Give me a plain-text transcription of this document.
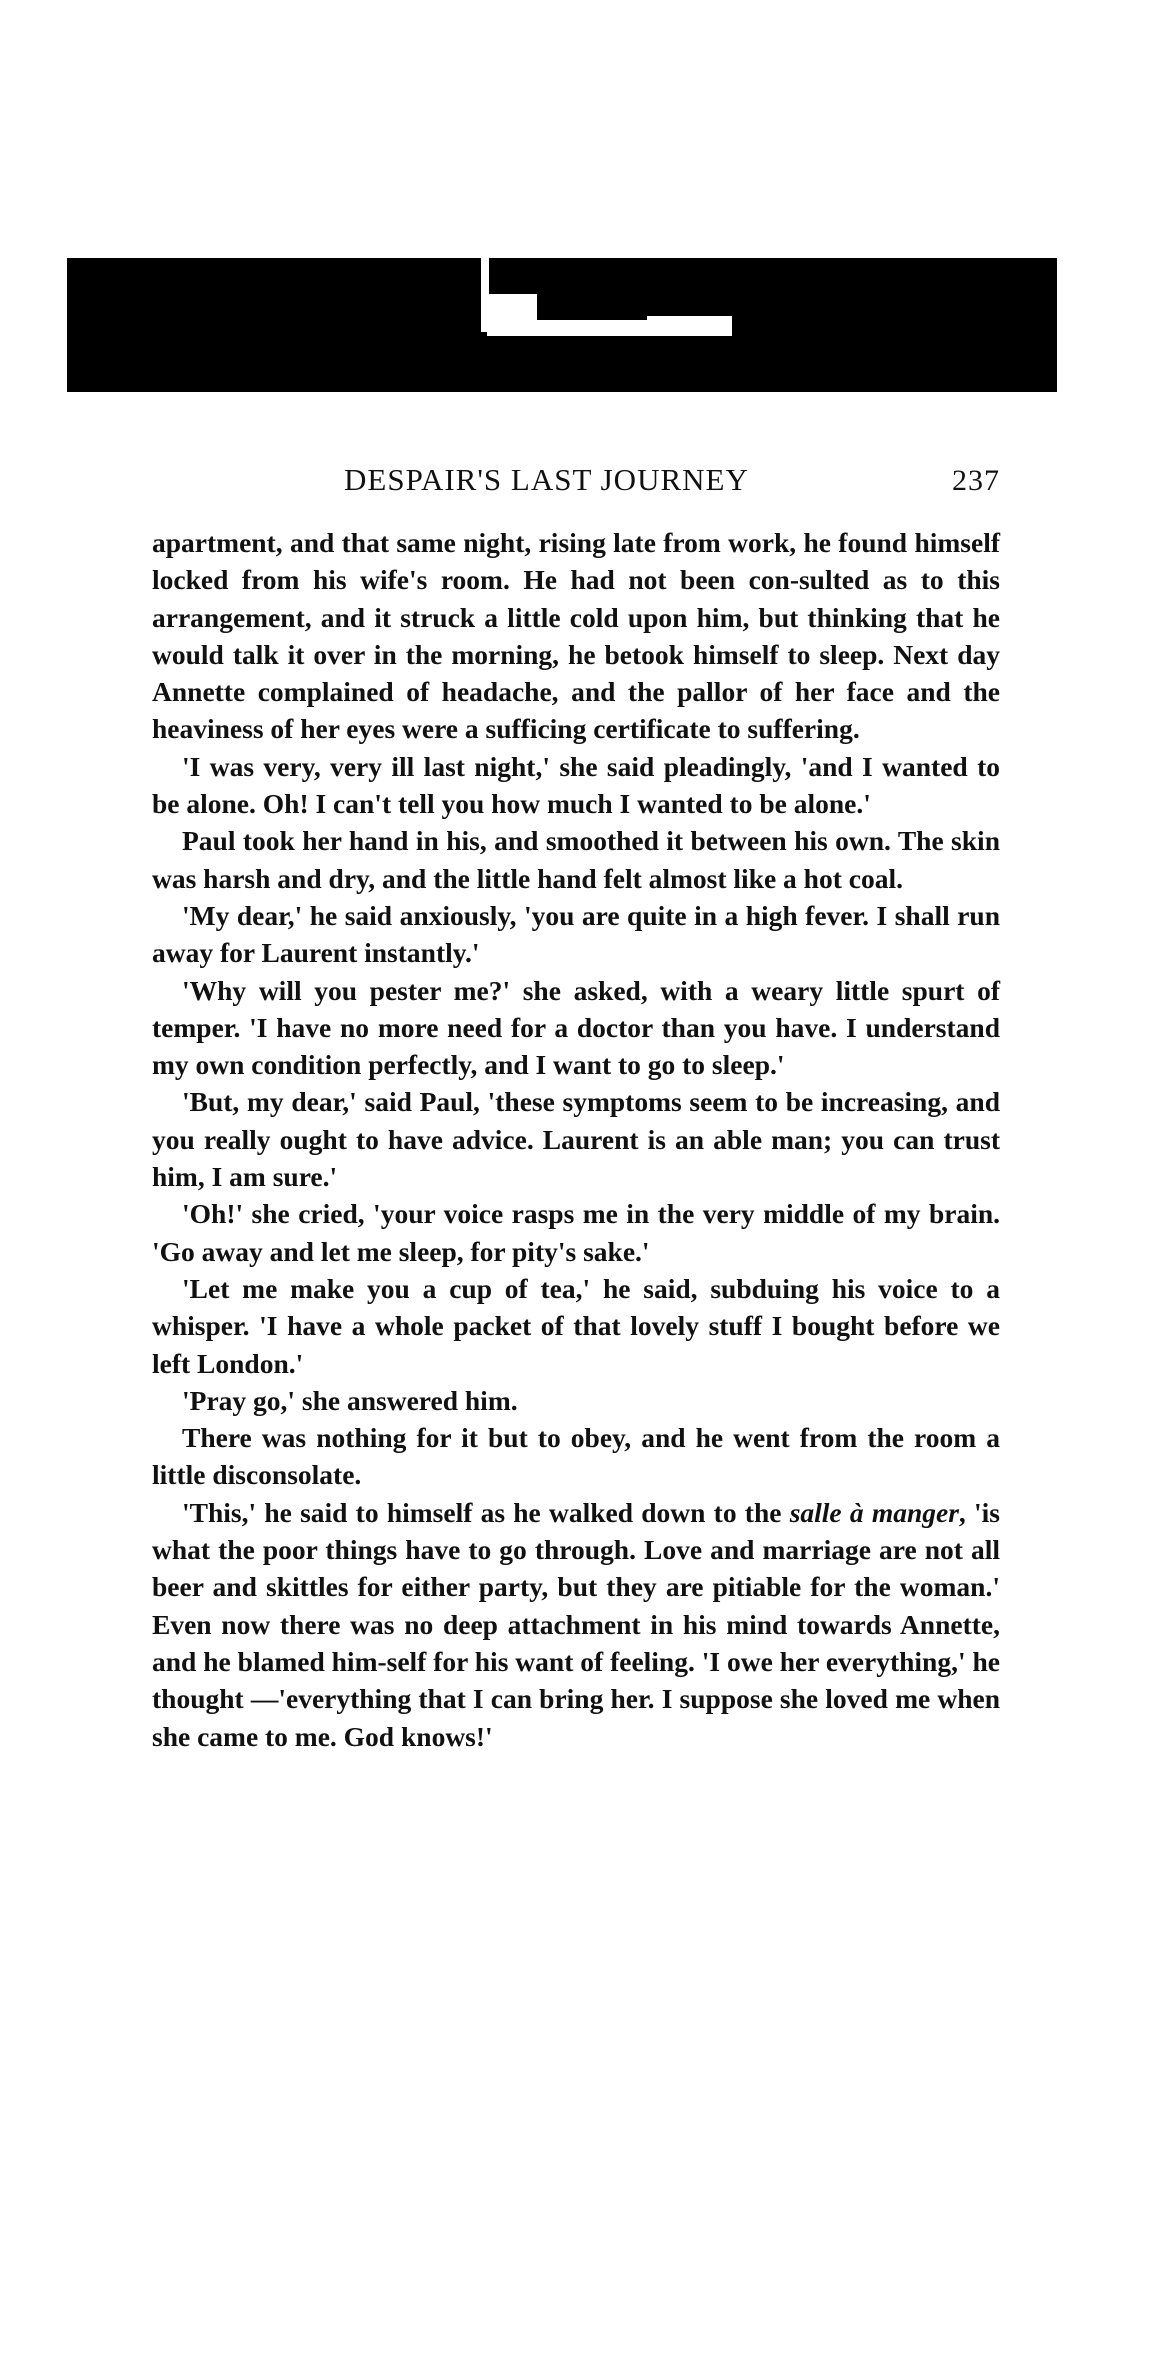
DESPAIR'S LAST JOURNEY	237

apartment, and that same night, rising late from work, he found himself locked from his wife's room. He had not been con-sulted as to this arrangement, and it struck a little cold upon him, but thinking that he would talk it over in the morning, he betook himself to sleep. Next day Annette complained of headache, and the pallor of her face and the heaviness of her eyes were a sufficing certificate to suffering.

'I was very, very ill last night,' she said pleadingly, 'and I wanted to be alone. Oh! I can't tell you how much I wanted to be alone.'

Paul took her hand in his, and smoothed it between his own. The skin was harsh and dry, and the little hand felt almost like a hot coal.

'My dear,' he said anxiously, 'you are quite in a high fever. I shall run away for Laurent instantly.'

'Why will you pester me?' she asked, with a weary little spurt of temper. 'I have no more need for a doctor than you have. I understand my own condition perfectly, and I want to go to sleep.'

'But, my dear,' said Paul, 'these symptoms seem to be increasing, and you really ought to have advice. Laurent is an able man; you can trust him, I am sure.'

'Oh!' she cried, 'your voice rasps me in the very middle of my brain. 'Go away and let me sleep, for pity's sake.'

'Let me make you a cup of tea,' he said, subduing his voice to a whisper. 'I have a whole packet of that lovely stuff I bought before we left London.'

'Pray go,' she answered him.

There was nothing for it but to obey, and he went from the room a little disconsolate.

'This,' he said to himself as he walked down to the salle à manger, 'is what the poor things have to go through. Love and marriage are not all beer and skittles for either party, but they are pitiable for the woman.' Even now there was no deep attachment in his mind towards Annette, and he blamed him-self for his want of feeling. 'I owe her everything,' he thought —'everything that I can bring her. I suppose she loved me when she came to me. God knows!'
